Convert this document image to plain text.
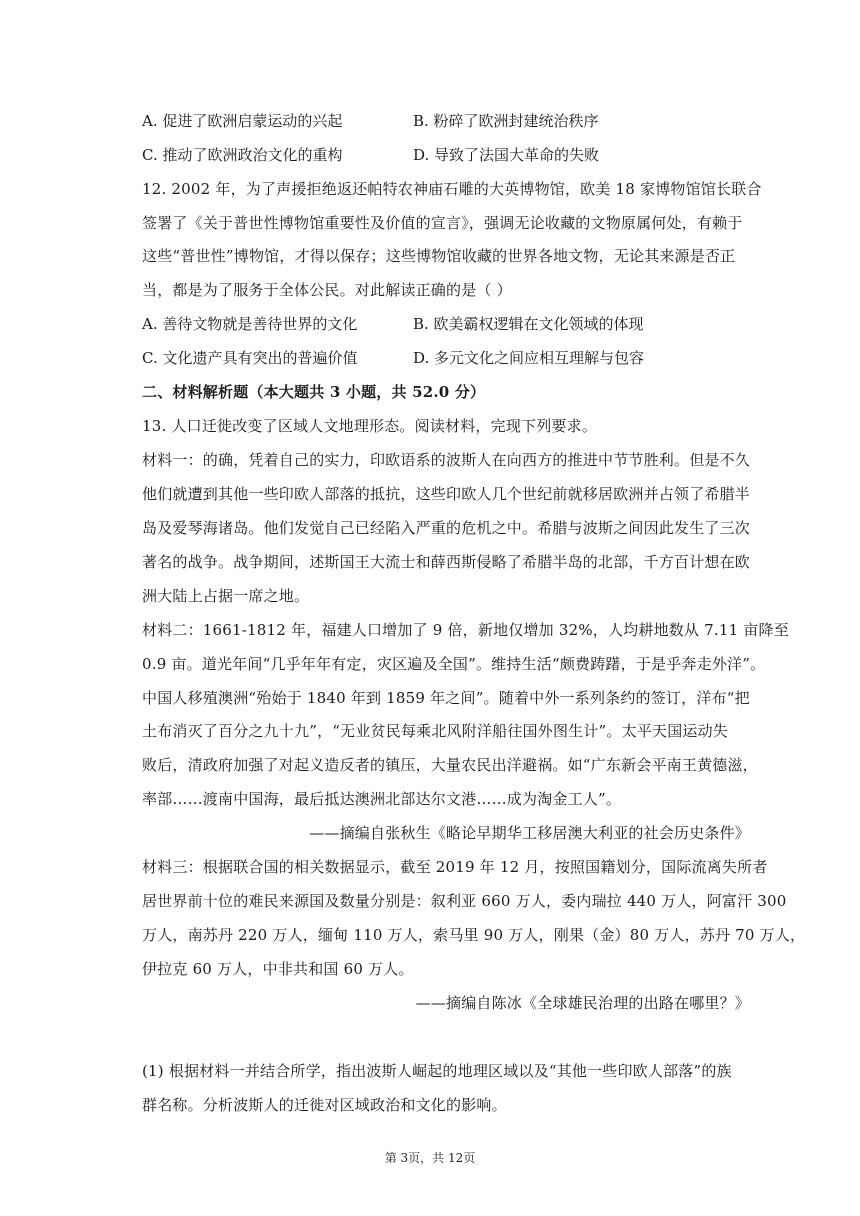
A. 促进了欧洲启蒙运动的兴起	B. 粉碎了欧洲封建统治秩序
C. 推动了欧洲政治文化的重构	D. 导致了法国大革命的失败
12. 2002 年，为了声援拒绝返还帕特农神庙石雕的大英博物馆，欧美 18 家博物馆馆长联合
签署了《关于普世性博物馆重要性及价值的宣言》，强调无论收藏的文物原属何处，有赖于
这些“普世性”博物馆，才得以保存；这些博物馆收藏的世界各地文物，无论其来源是否正
当，都是为了服务于全体公民。对此解读正确的是（ ）
A. 善待文物就是善待世界的文化	B. 欧美霸权逻辑在文化领域的体现
C. 文化遗产具有突出的普遍价值	D. 多元文化之间应相互理解与包容
二、材料解析题（本大题共 3 小题，共 52.0 分）
13. 人口迁徙改变了区域人文地理形态。阅读材料，完现下列要求。
材料一：的确，凭着自己的实力，印欧语系的波斯人在向西方的推进中节节胜利。但是不久
他们就遭到其他一些印欧人部落的抵抗，这些印欧人几个世纪前就移居欧洲并占领了希腊半
岛及爱琴海诸岛。他们发觉自己已经陷入严重的危机之中。希腊与波斯之间因此发生了三次
著名的战争。战争期间，述斯国王大流士和薛西斯侵略了希腊半岛的北部，千方百计想在欧
洲大陆上占据一席之地。
材料二：1661-1812 年，福建人口增加了 9 倍，新地仅增加 32%，人均耕地数从 7.11 亩降至
0.9 亩。道光年间“几乎年年有定，灾区遍及全国”。维持生活“颇费踌躇，于是乎奔走外洋”。
中国人移殖澳洲“殆始于 1840 年到 1859 年之间”。随着中外一系列条约的签订，洋布“把
土布消灭了百分之九十九”，“无业贫民每乘北风附洋船往国外图生计”。太平天国运动失
败后，清政府加强了对起义造反者的镇压，大量农民出洋避祸。如“广东新会平南王黄德滋，
率部……渡南中国海，最后抵达澳洲北部达尔文港……成为淘金工人”。
——摘编自张秋生《略论早期华工移居澳大利亚的社会历史条件》
材料三：根据联合国的相关数据显示，截至 2019 年 12 月，按照国籍划分，国际流离失所者
居世界前十位的难民来源国及数量分别是：叙利亚 660 万人，委内瑞拉 440 万人，阿富汗 300
万人，南苏丹 220 万人，缅甸 110 万人，索马里 90 万人，刚果（金）80 万人，苏丹 70 万人，
伊拉克 60 万人，中非共和国 60 万人。
——摘编自陈冰《全球雄民治理的出路在哪里？》
(1) 根据材料一并结合所学，指出波斯人崛起的地理区域以及“其他一些印欧人部落”的族
群名称。分析波斯人的迁徙对区域政治和文化的影响。
第 3页，共 12页
